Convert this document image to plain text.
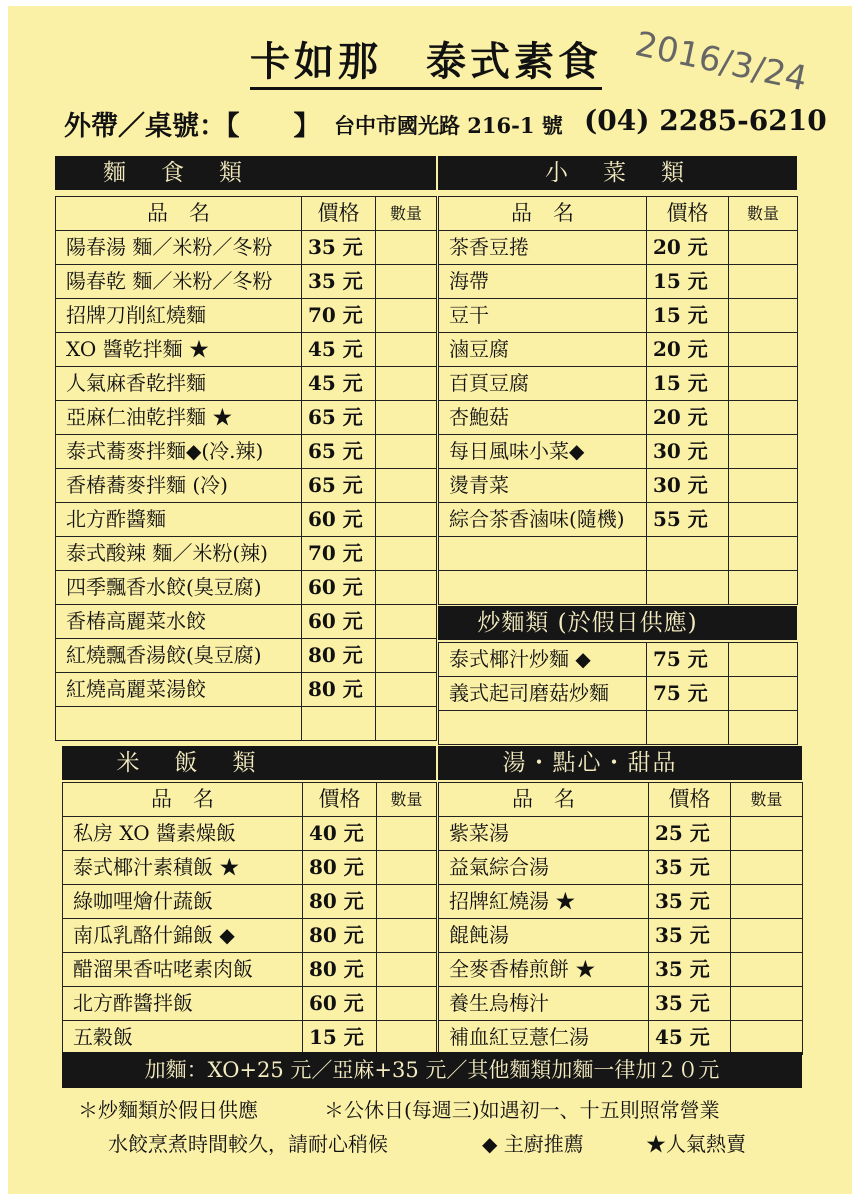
卡如那　泰式素食 2016/3/24
外帶／桌號：【　　】 台中市國光路 216-1 號 (04) 2285-6210
麵　食　類
品　名	價格	數量
陽春湯 麵／米粉／冬粉	35 元	
陽春乾 麵／米粉／冬粉	35 元	
招牌刀削紅燒麵	70 元	
XO 醬乾拌麵 ★	45 元	
人氣麻香乾拌麵	45 元	
亞麻仁油乾拌麵 ★	65 元	
泰式蕎麥拌麵◆(冷.辣)	65 元	
香椿蕎麥拌麵 (冷)	65 元	
北方酢醬麵	60 元	
泰式酸辣 麵／米粉(辣)	70 元	
四季飄香水餃(臭豆腐)	60 元	
香椿高麗菜水餃	60 元	
紅燒飄香湯餃(臭豆腐)	80 元	
紅燒高麗菜湯餃	80 元	

小　菜　類
品　名	價格	數量
茶香豆捲	20 元	
海帶	15 元	
豆干	15 元	
滷豆腐	20 元	
百頁豆腐	15 元	
杏鮑菇	20 元	
每日風味小菜◆	30 元	
燙青菜	30 元	
綜合茶香滷味(隨機)	55 元	

炒麵類 (於假日供應)
泰式椰汁炒麵 ◆	75 元	
義式起司磨菇炒麵	75 元	

米　飯　類
品　名	價格	數量
私房 XO 醬素燥飯	40 元	
泰式椰汁素積飯 ★	80 元	
綠咖哩燴什蔬飯	80 元	
南瓜乳酪什錦飯 ◆	80 元	
醋溜果香咕咾素肉飯	80 元	
北方酢醬拌飯	60 元	
五穀飯	15 元	
湯・點心・甜品
品　名	價格	數量
紫菜湯	25 元	
益氣綜合湯	35 元	
招牌紅燒湯 ★	35 元	
餛飩湯	35 元	
全麥香椿煎餅 ★	35 元	
養生烏梅汁	35 元	
補血紅豆薏仁湯	45 元	
加麵：XO+25 元／亞麻+35 元／其他麵類加麵一律加２０元
＊炒麵類於假日供應	＊公休日(每週三)如遇初一、十五則照常營業
水餃烹煮時間較久，請耐心稍候	◆ 主廚推薦	★人氣熱賣
